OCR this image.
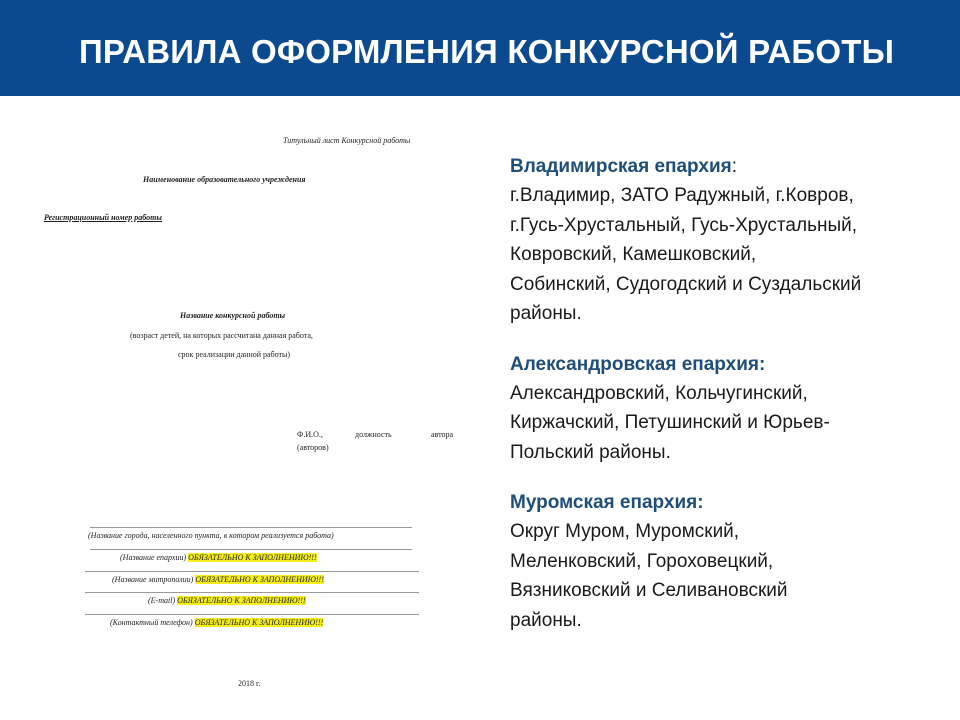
ПРАВИЛА ОФОРМЛЕНИЯ КОНКУРСНОЙ РАБОТЫ
Титульный лист Конкурсной работы
Наименование образовательного учреждения
Регистрационный номер работы
Название конкурсной работы
(возраст детей, на которых рассчитана данная работа,
срок реализации данной работы)
Ф.И.О.,	должность	автора
(авторов)
(Название города, населенного пункта, в котором реализуется работа)
(Название епархии) ОБЯЗАТЕЛЬНО К ЗАПОЛНЕНИЮ!!!
(Название митрополии) ОБЯЗАТЕЛЬНО К ЗАПОЛНЕНИЮ!!!
(E-mail) ОБЯЗАТЕЛЬНО К ЗАПОЛНЕНИЮ!!!
(Контактный телефон) ОБЯЗАТЕЛЬНО К ЗАПОЛНЕНИЮ!!!
2018 г.
Владимирская епархия:
г.Владимир, ЗАТО Радужный, г.Ковров,
г.Гусь-Хрустальный, Гусь-Хрустальный,
Ковровский, Камешковский,
Собинский, Судогодский и Суздальский
районы.
Александровская епархия:
Александровский, Кольчугинский,
Киржачский, Петушинский и Юрьев-
Польский районы.
Муромская епархия:
Округ Муром, Муромский,
Меленковский, Гороховецкий,
Вязниковский и Селивановский
районы.
